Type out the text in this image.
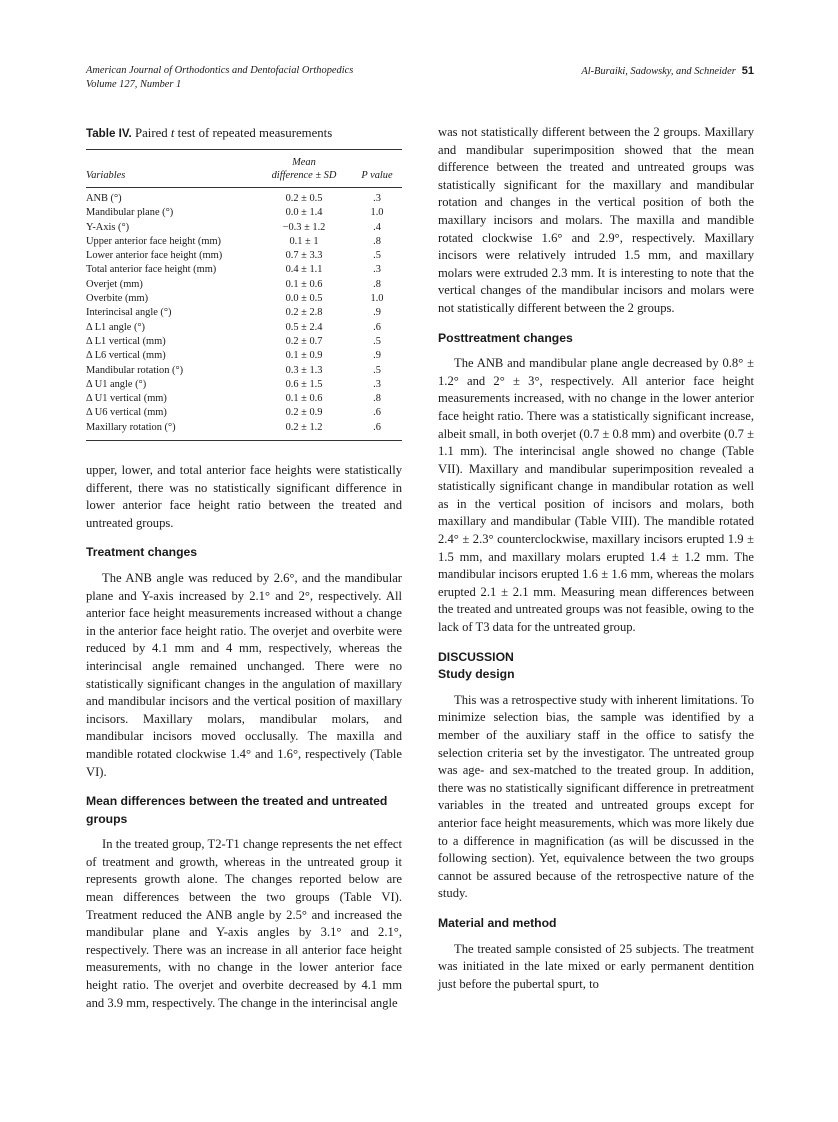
American Journal of Orthodontics and Dentofacial Orthopedics
Volume 127, Number 1
Al-Buraiki, Sadowsky, and Schneider 51
Table IV. Paired t test of repeated measurements
	Mean	
Variables	difference ± SD	P value

ANB (°)	0.2 ± 0.5	.3
Mandibular plane (°)	0.0 ± 1.4	1.0
Y-Axis (°)	−0.3 ± 1.2	.4
Upper anterior face height (mm)	0.1 ± 1	.8
Lower anterior face height (mm)	0.7 ± 3.3	.5
Total anterior face height (mm)	0.4 ± 1.1	.3
Overjet (mm)	0.1 ± 0.6	.8
Overbite (mm)	0.0 ± 0.5	1.0
Interincisal angle (°)	0.2 ± 2.8	.9
Δ L1 angle (°)	0.5 ± 2.4	.6
Δ L1 vertical (mm)	0.2 ± 0.7	.5
Δ L6 vertical (mm)	0.1 ± 0.9	.9
Mandibular rotation (°)	0.3 ± 1.3	.5
Δ U1 angle (°)	0.6 ± 1.5	.3
Δ U1 vertical (mm)	0.1 ± 0.6	.8
Δ U6 vertical (mm)	0.2 ± 0.9	.6
Maxillary rotation (°)	0.2 ± 1.2	.6

upper, lower, and total anterior face heights were statistically different, there was no statistically significant difference in lower anterior face height ratio between the treated and untreated groups.

Treatment changes

The ANB angle was reduced by 2.6°, and the mandibular plane and Y-axis increased by 2.1° and 2°, respectively. All anterior face height measurements increased without a change in the anterior face height ratio. The overjet and overbite were reduced by 4.1 mm and 4 mm, respectively, whereas the interincisal angle remained unchanged. There were no statistically significant changes in the angulation of maxillary and mandibular incisors and the vertical position of maxillary incisors. Maxillary molars, mandibular molars, and mandibular incisors moved occlusally. The maxilla and mandible rotated clockwise 1.4° and 1.6°, respectively (Table VI).

Mean differences between the treated and untreated groups

In the treated group, T2-T1 change represents the net effect of treatment and growth, whereas in the untreated group it represents growth alone. The changes reported below are mean differences between the two groups (Table VI). Treatment reduced the ANB angle by 2.5° and increased the mandibular plane and Y-axis angles by 3.1° and 2.1°, respectively. There was an increase in all anterior face height measurements, with no change in the lower anterior face height ratio. The overjet and overbite decreased by 4.1 mm and 3.9 mm, respectively. The change in the interincisal angle

was not statistically different between the 2 groups. Maxillary and mandibular superimposition showed that the mean difference between the treated and untreated groups was statistically significant for the maxillary and mandibular rotation and changes in the vertical position of both the maxillary incisors and molars. The maxilla and mandible rotated clockwise 1.6° and 2.9°, respectively. Maxillary incisors were relatively intruded 1.5 mm, and maxillary molars were extruded 2.3 mm. It is interesting to note that the vertical changes of the mandibular incisors and molars were not statistically different between the 2 groups.

Posttreatment changes

The ANB and mandibular plane angle decreased by 0.8° ± 1.2° and 2° ± 3°, respectively. All anterior face height measurements increased, with no change in the lower anterior face height ratio. There was a statistically significant increase, albeit small, in both overjet (0.7 ± 0.8 mm) and overbite (0.7 ± 1.1 mm). The interincisal angle showed no change (Table VII). Maxillary and mandibular superimposition revealed a statistically significant change in mandibular rotation as well as in the vertical position of incisors and molars, both maxillary and mandibular (Table VIII). The mandible rotated 2.4° ± 2.3° counterclockwise, maxillary incisors erupted 1.9 ± 1.5 mm, and maxillary molars erupted 1.4 ± 1.2 mm. The mandibular incisors erupted 1.6 ± 1.6 mm, whereas the molars erupted 2.1 ± 2.1 mm. Measuring mean differences between the treated and untreated groups was not feasible, owing to the lack of T3 data for the untreated group.

DISCUSSION
Study design

This was a retrospective study with inherent limitations. To minimize selection bias, the sample was identified by a member of the auxiliary staff in the office to satisfy the selection criteria set by the investigator. The untreated group was age- and sex-matched to the treated group. In addition, there was no statistically significant difference in pretreatment variables in the treated and untreated groups except for anterior face height measurements, which was more likely due to a difference in magnification (as will be discussed in the following section). Yet, equivalence between the two groups cannot be assured because of the retrospective nature of the study.

Material and method

The treated sample consisted of 25 subjects. The treatment was initiated in the late mixed or early permanent dentition just before the pubertal spurt, to
